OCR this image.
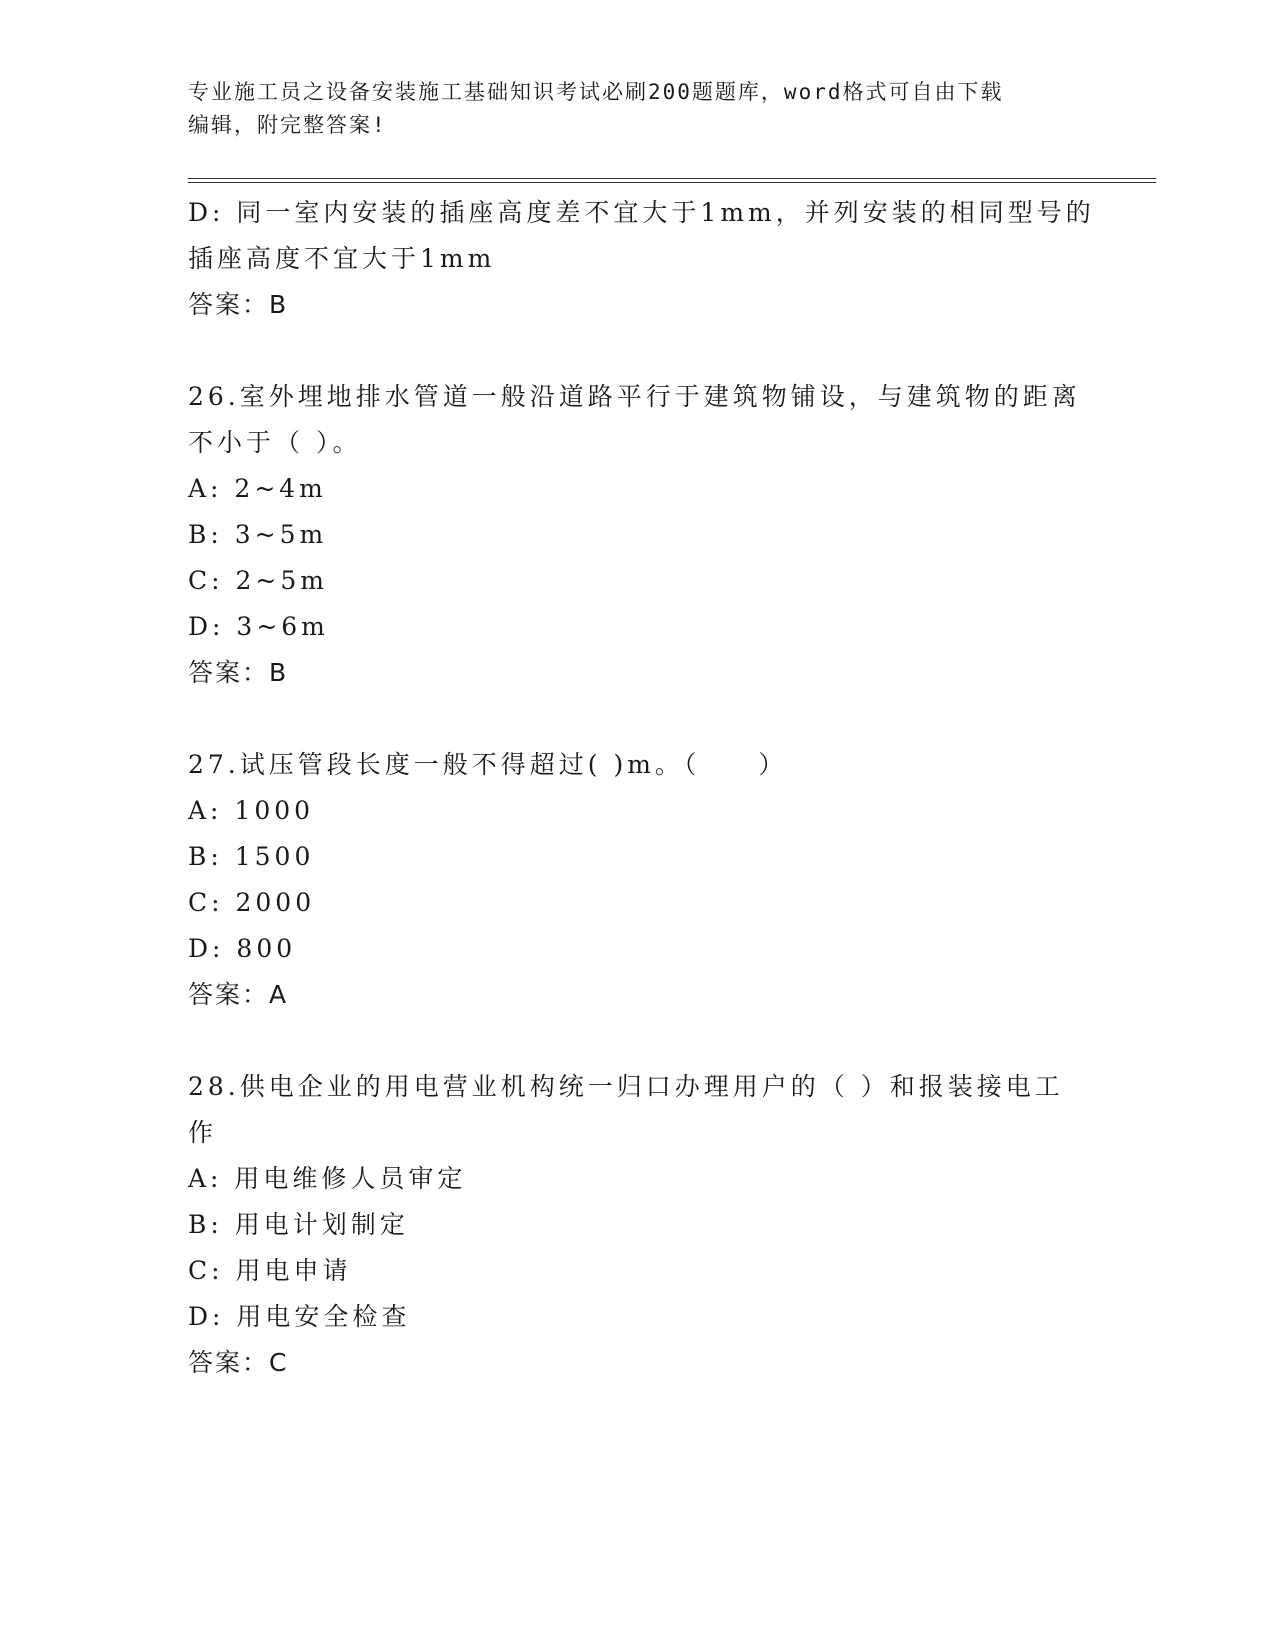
专业施工员之设备安装施工基础知识考试必刷200题题库，word格式可自由下载
编辑，附完整答案!
D: 同一室内安装的插座高度差不宜大于1mm，并列安装的相同型号的
插座高度不宜大于1mm
答案：B
26.室外埋地排水管道一般沿道路平行于建筑物铺设，与建筑物的距离
不小于（ ）。
A: 2~4m
B: 3~5m
C: 2~5m
D: 3~6m
答案：B
27.试压管段长度一般不得超过( )m。（　　）
A: 1000
B: 1500
C: 2000
D: 800
答案：A
28.供电企业的用电营业机构统一归口办理用户的（ ）和报装接电工
作
A: 用电维修人员审定
B: 用电计划制定
C: 用电申请
D: 用电安全检查
答案：C
